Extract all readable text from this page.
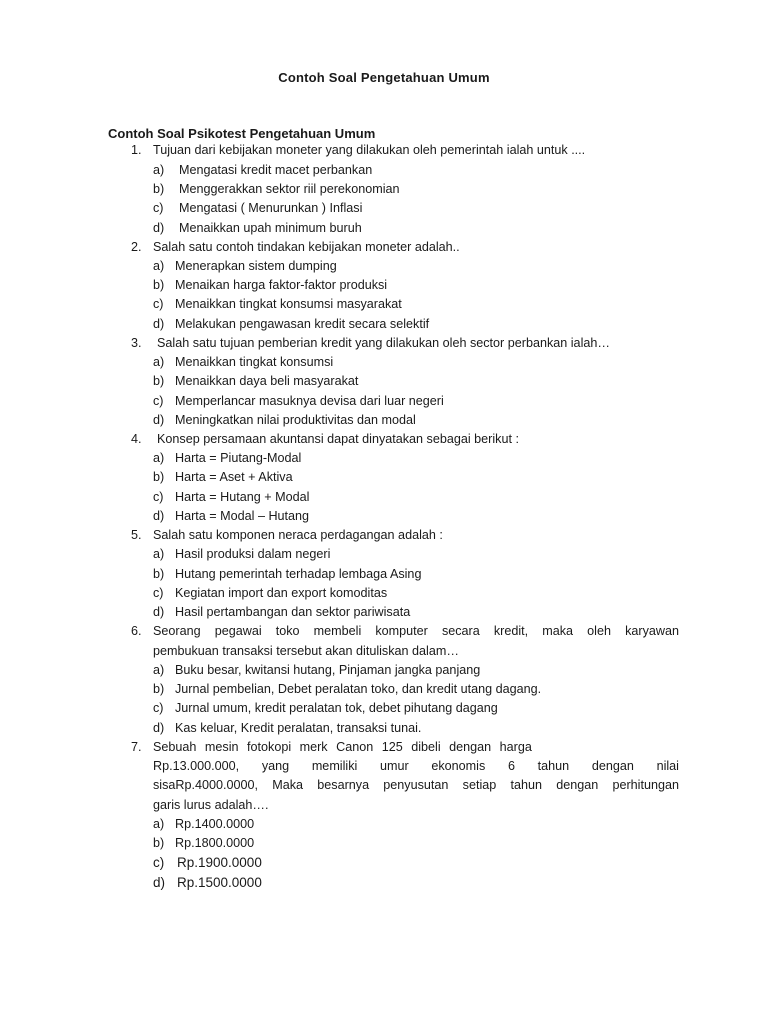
Contoh Soal Pengetahuan Umum
Contoh Soal Psikotest Pengetahuan Umum
1. Tujuan dari kebijakan moneter yang dilakukan oleh pemerintah ialah untuk ....
a) Mengatasi kredit macet perbankan
b) Menggerakkan sektor riil perekonomian
c) Mengatasi ( Menurunkan ) Inflasi
d) Menaikkan upah minimum buruh
2. Salah satu contoh tindakan kebijakan moneter adalah..
a) Menerapkan sistem dumping
b) Menaikan harga faktor-faktor produksi
c) Menaikkan tingkat konsumsi masyarakat
d) Melakukan pengawasan kredit secara selektif
3. Salah satu tujuan pemberian kredit yang dilakukan oleh sector perbankan ialah…
a) Menaikkan tingkat konsumsi
b) Menaikkan daya beli masyarakat
c) Memperlancar masuknya devisa dari luar negeri
d) Meningkatkan nilai produktivitas dan modal
4. Konsep persamaan akuntansi dapat dinyatakan sebagai berikut :
a) Harta = Piutang-Modal
b) Harta = Aset + Aktiva
c) Harta = Hutang + Modal
d) Harta = Modal – Hutang
5. Salah satu komponen neraca perdagangan adalah :
a) Hasil produksi dalam negeri
b) Hutang pemerintah terhadap lembaga Asing
c) Kegiatan import dan export komoditas
d) Hasil pertambangan dan sektor pariwisata
6. Seorang pegawai toko membeli komputer secara kredit, maka oleh karyawan
pembukuan transaksi tersebut akan dituliskan dalam…
a) Buku besar, kwitansi hutang, Pinjaman jangka panjang
b) Jurnal pembelian, Debet peralatan toko, dan kredit utang dagang.
c) Jurnal umum, kredit peralatan tok, debet pihutang dagang
d) Kas keluar, Kredit peralatan, transaksi tunai.
7. Sebuah mesin fotokopi merk Canon 125 dibeli dengan harga
Rp.13.000.000, yang memiliki umur ekonomis 6 tahun dengan nilai
sisaRp.4000.0000, Maka besarnya penyusutan setiap tahun dengan perhitungan
garis lurus adalah….
a) Rp.1400.0000
b) Rp.1800.0000
c) Rp.1900.0000
d) Rp.1500.0000
